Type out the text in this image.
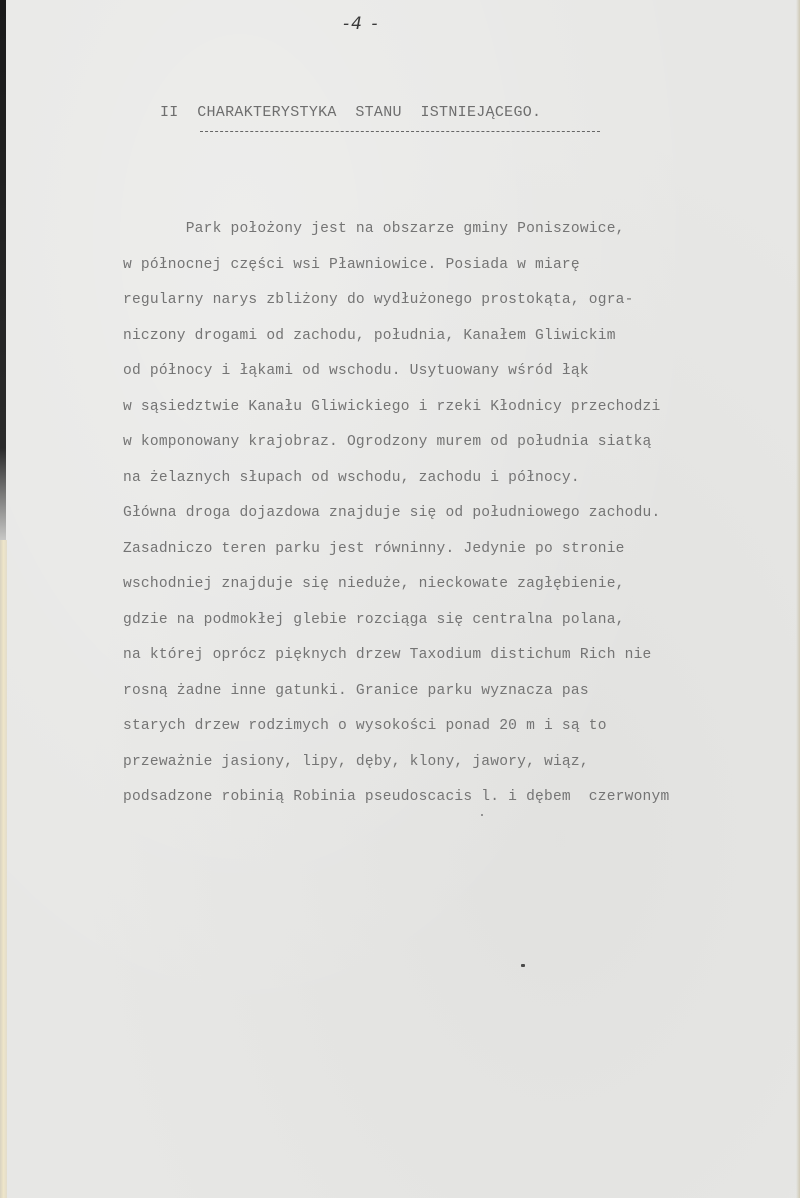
-4 -
II  CHARAKTERYSTYKA  STANU  ISTNIEJĄCEGO.
Park położony jest na obszarze gminy Poniszowice,
w północnej części wsi Pławniowice. Posiada w miarę
regularny narys zbliżony do wydłużonego prostokąta, ogra-
niczony drogami od zachodu, południa, Kanałem Gliwickim
od północy i łąkami od wschodu. Usytuowany wśród łąk
w sąsiedztwie Kanału Gliwickiego i rzeki Kłodnicy przechodzi
w komponowany krajobraz. Ogrodzony murem od południa siatką
na żelaznych słupach od wschodu, zachodu i północy.
Główna droga dojazdowa znajduje się od południowego zachodu.
Zasadniczo teren parku jest równinny. Jedynie po stronie
wschodniej znajduje się nieduże, nieckowate zagłębienie,
gdzie na podmokłej glebie rozciąga się centralna polana,
na której oprócz pięknych drzew Taxodium distichum Rich nie
rosną żadne inne gatunki. Granice parku wyznacza pas
starych drzew rodzimych o wysokości ponad 20 m i są to
przeważnie jasiony, lipy, dęby, klony, jawory, wiąz,
podsadzone robinią Robinia pseudoscacis l. i dębem  czerwonym
